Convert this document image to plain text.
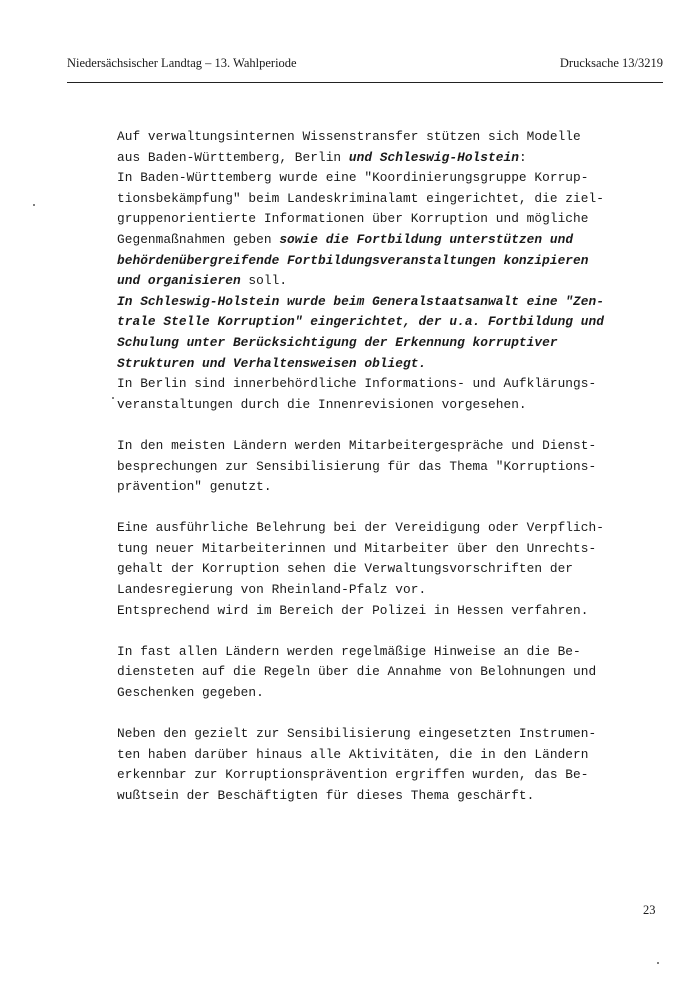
Niedersächsischer Landtag – 13. Wahlperiode	Drucksache 13/3219
Auf verwaltungsinternen Wissenstransfer stützen sich Modelle
aus Baden-Württemberg, Berlin und Schleswig-Holstein:
In Baden-Württemberg wurde eine "Koordinierungsgruppe Korrup-
tionsbekämpfung" beim Landeskriminalamt eingerichtet, die ziel-
gruppenorientierte Informationen über Korruption und mögliche
Gegenmaßnahmen geben sowie die Fortbildung unterstützen und
behördenübergreifende Fortbildungsveranstaltungen konzipieren
und organisieren soll.
In Schleswig-Holstein wurde beim Generalstaatsanwalt eine "Zen-
trale Stelle Korruption" eingerichtet, der u.a. Fortbildung und
Schulung unter Berücksichtigung der Erkennung korruptiver
Strukturen und Verhaltensweisen obliegt.
In Berlin sind innerbehördliche Informations- und Aufklärungs-
veranstaltungen durch die Innenrevisionen vorgesehen.
In den meisten Ländern werden Mitarbeitergespräche und Dienst-
besprechungen zur Sensibilisierung für das Thema "Korruptions-
prävention" genutzt.
Eine ausführliche Belehrung bei der Vereidigung oder Verpflich-
tung neuer Mitarbeiterinnen und Mitarbeiter über den Unrechts-
gehalt der Korruption sehen die Verwaltungsvorschriften der
Landesregierung von Rheinland-Pfalz vor.
Entsprechend wird im Bereich der Polizei in Hessen verfahren.
In fast allen Ländern werden regelmäßige Hinweise an die Be-
diensteten auf die Regeln über die Annahme von Belohnungen und
Geschenken gegeben.
Neben den gezielt zur Sensibilisierung eingesetzten Instrumen-
ten haben darüber hinaus alle Aktivitäten, die in den Ländern
erkennbar zur Korruptionsprävention ergriffen wurden, das Be-
wußtsein der Beschäftigten für dieses Thema geschärft.
23
